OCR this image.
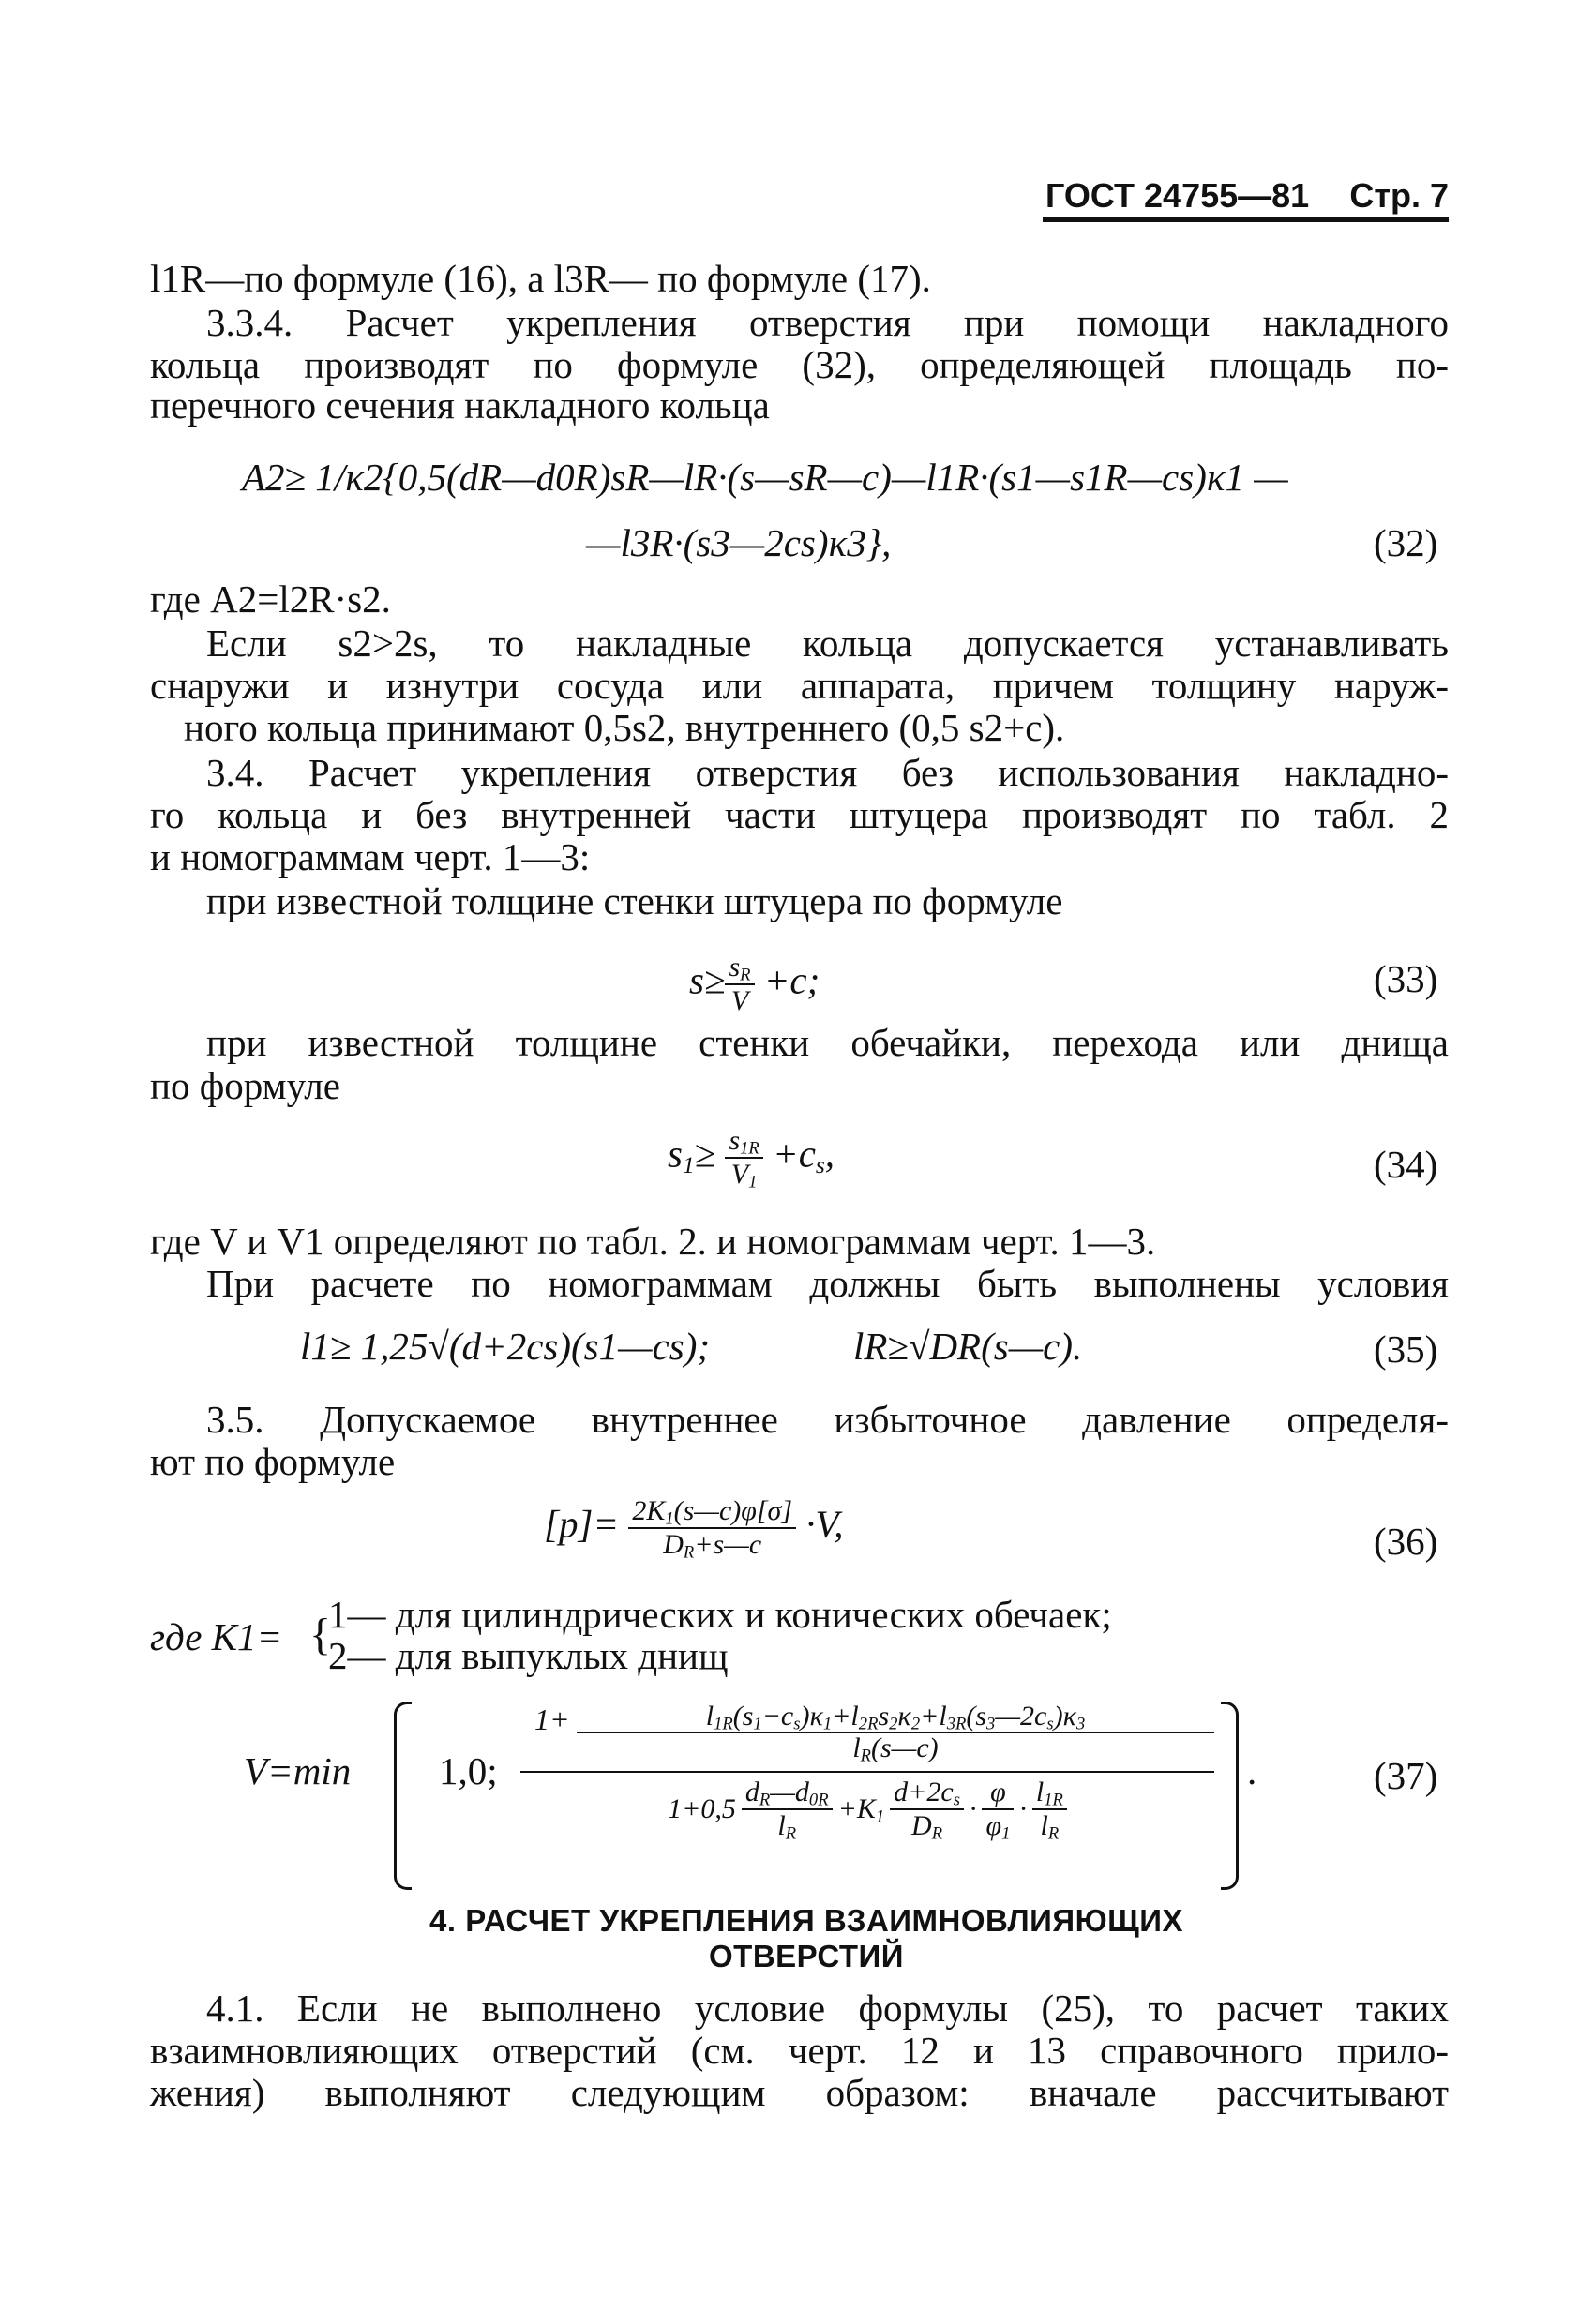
ГОСТ 24755—81 Стр. 7
l1R—по формуле (16), а l3R— по формуле (17).
3.3.4. Расчет укрепления отверстия при помощи накладного
кольца производят по формуле (32), определяющей площадь по-
перечного сечения накладного кольца
A2≥ 1/κ2{0,5(dR—d0R)sR—lR·(s—sR—c)—l1R·(s1—s1R—cs)κ1 —
—l3R·(s3—2cs)κ3},	(32)
где A2=l2R·s2.
Если s2>2s, то накладные кольца допускается устанавливать
снаружи и изнутри сосуда или аппарата, причем толщину наруж-
ного кольца принимают 0,5s2, внутреннего (0,5 s2+c).
3.4. Расчет укрепления отверстия без использования накладно-
го кольца и без внутренней части штуцера производят по табл. 2
и номограммам черт. 1—3:
при известной толщине стенки штуцера по формуле
$s\ge \frac{s_R}{V} +c$;	(33)
при известной толщине стенки обечайки, перехода или днища
по формуле
$s_1\ge \frac{s_{1R}}{V_1} +c_s$,	(34)
где V и V1 определяют по табл. 2. и номограммам черт. 1—3.
При расчете по номограммам должны быть выполнены условия
l1≥ 1,25√(d+2cs)(s1—cs);	lR≥√DR(s—c).	(35)
3.5. Допускаемое внутреннее избыточное давление определя-
ют по формуле
$[p]= \frac{2K_1(s—c)\varphi[\sigma]}{D_R+s—c} \cdot V$,	(36)
где K1= {
1— для цилиндрических и конических обечаек;
2— для выпуклых днищ
V=min 1,0;
1+	$l_{1R}(s_1-c_s)\kappa_1+l_{2R}s_2\kappa_2+l_{3R}(s_3—2c_s)\kappa_3$
$l_R(s—c)$
$1+0,5 \frac{d_R—d_{0R}}{l_R} +K_1 \frac{d+2c_s}{D_R} \cdot \frac{\varphi}{\varphi_1} \cdot \frac{l_{1R}}{l_R}$
.	(37)
4. РАСЧЕТ УКРЕПЛЕНИЯ ВЗАИМНОВЛИЯЮЩИХ ОТВЕРСТИЙ
4.1. Если не выполнено условие формулы (25), то расчет таких
взаимновлияющих отверстий (см. черт. 12 и 13 справочного прило-
жения) выполняют следующим образом: вначале рассчитывают
